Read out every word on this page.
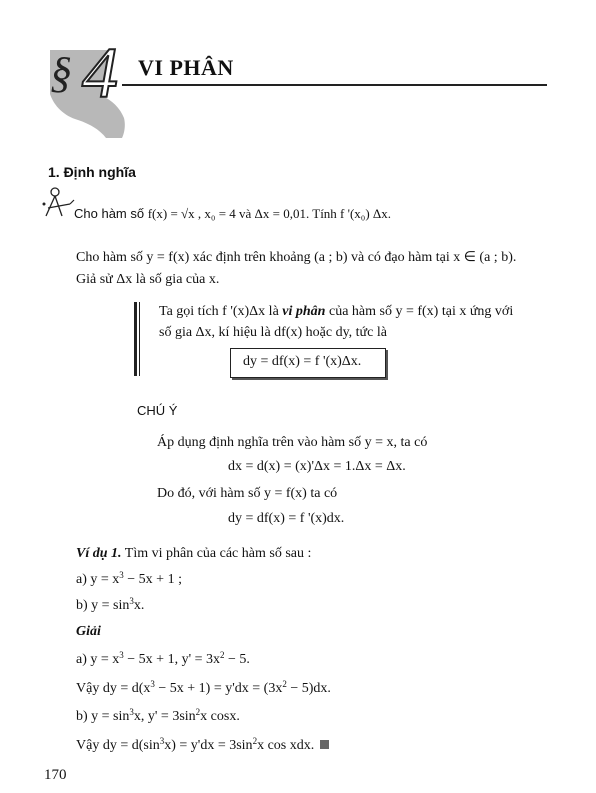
§ 4 VI PHÂN
1. Định nghĩa
Cho hàm số f(x) = √x , x₀ = 4 và Δx = 0,01. Tính f '(x₀) Δx.
Cho hàm số y = f(x) xác định trên khoảng (a ; b) và có đạo hàm tại x ∈ (a ; b).
Giả sử Δx là số gia của x.
Ta gọi tích f '(x)Δx là vi phân của hàm số y = f(x) tại x ứng với
số gia Δx, kí hiệu là df(x) hoặc dy, tức là
dy = df(x) = f '(x)Δx.
CHÚ Ý
Áp dụng định nghĩa trên vào hàm số y = x, ta có
dx = d(x) = (x)'Δx = 1.Δx = Δx.
Do đó, với hàm số y = f(x) ta có
dy = df(x) = f '(x)dx.
Ví dụ 1. Tìm vi phân của các hàm số sau :
a) $y = x^3 - 5x + 1$ ;
b) $y = \sin^3x$.
Giải
a) $y = x^3 - 5x + 1$, $y' = 3x^2 - 5$.
Vậy dy = $d(x^3 - 5x + 1) = y'dx = (3x^2 - 5)dx$.
b) $y = \sin^3x$, $y' = 3\sin^2x$ cosx.
Vậy dy = $d(\sin^3x) = y'dx = 3\sin^2x$ cos xdx.
170
